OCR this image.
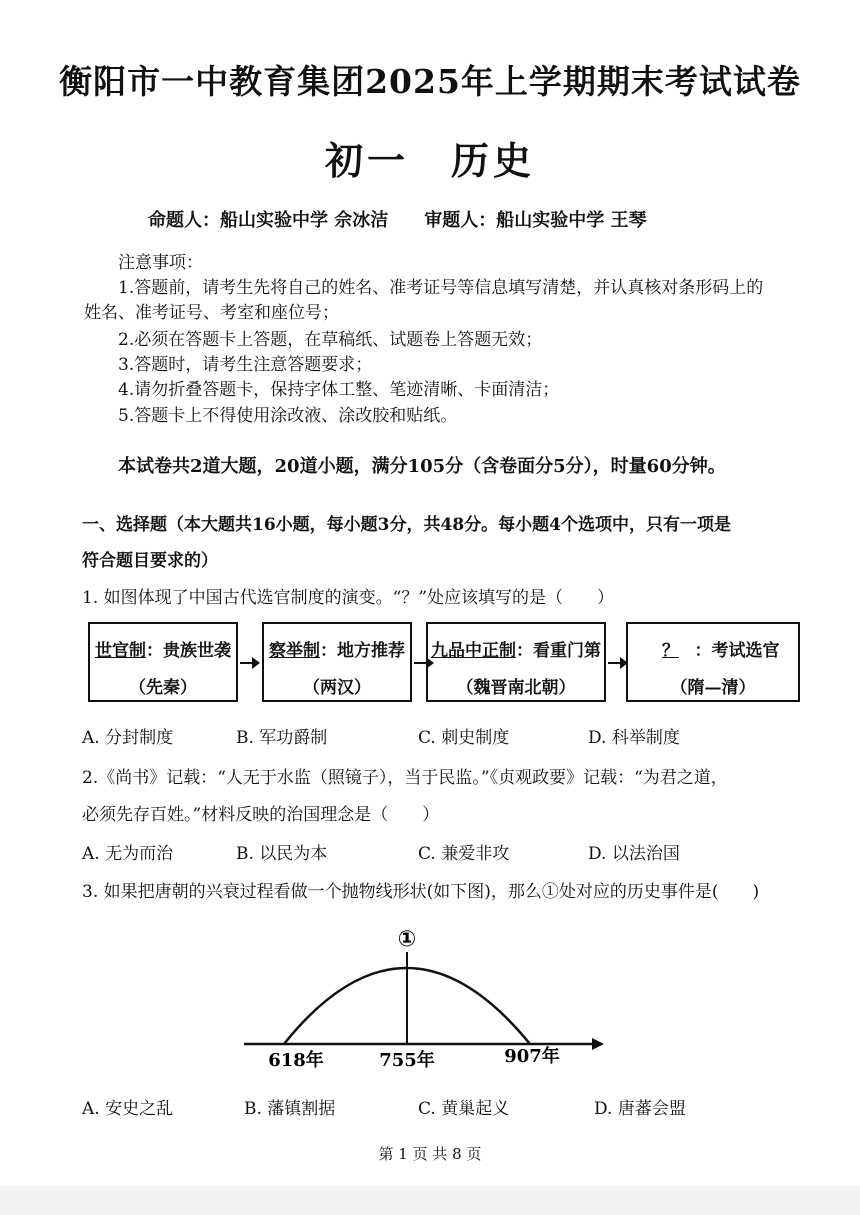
衡阳市一中教育集团2025年上学期期末考试试卷
初一　历史
命题人：船山实验中学 佘冰洁 审题人：船山实验中学 王琴
注意事项：
1.答题前，请考生先将自己的姓名、准考证号等信息填写清楚，并认真核对条形码上的
姓名、准考证号、考室和座位号；
2.必须在答题卡上答题，在草稿纸、试题卷上答题无效；
3.答题时，请考生注意答题要求；
4.请勿折叠答题卡，保持字体工整、笔迹清晰、卡面清洁；
5.答题卡上不得使用涂改液、涂改胶和贴纸。
本试卷共2道大题，20道小题，满分105分（含卷面分5分），时量60分钟。
一、选择题（本大题共16小题，每小题3分，共48分。每小题4个选项中，只有一项是
符合题目要求的）
1. 如图体现了中国古代选官制度的演变。“？”处应该填写的是（　　）
世官制：贵族世袭
（先秦）
察举制：地方推荐
（两汉）
九品中正制：看重门第
（魏晋南北朝）
？ ：考试选官
（隋—清）
A. 分封制度	B. 军功爵制	C. 刺史制度	D. 科举制度
2.《尚书》记载：“人无于水监（照镜子），当于民监。”《贞观政要》记载：“为君之道，
必须先存百姓。”材料反映的治国理念是（　　）
A. 无为而治	B. 以民为本	C. 兼爱非攻	D. 以法治国
3. 如果把唐朝的兴衰过程看做一个抛物线形状(如下图)，那么①处对应的历史事件是(　　)
①
618年	755年	907年
A. 安史之乱	B. 藩镇割据	C. 黄巢起义	D. 唐蕃会盟
第 1 页 共 8 页
